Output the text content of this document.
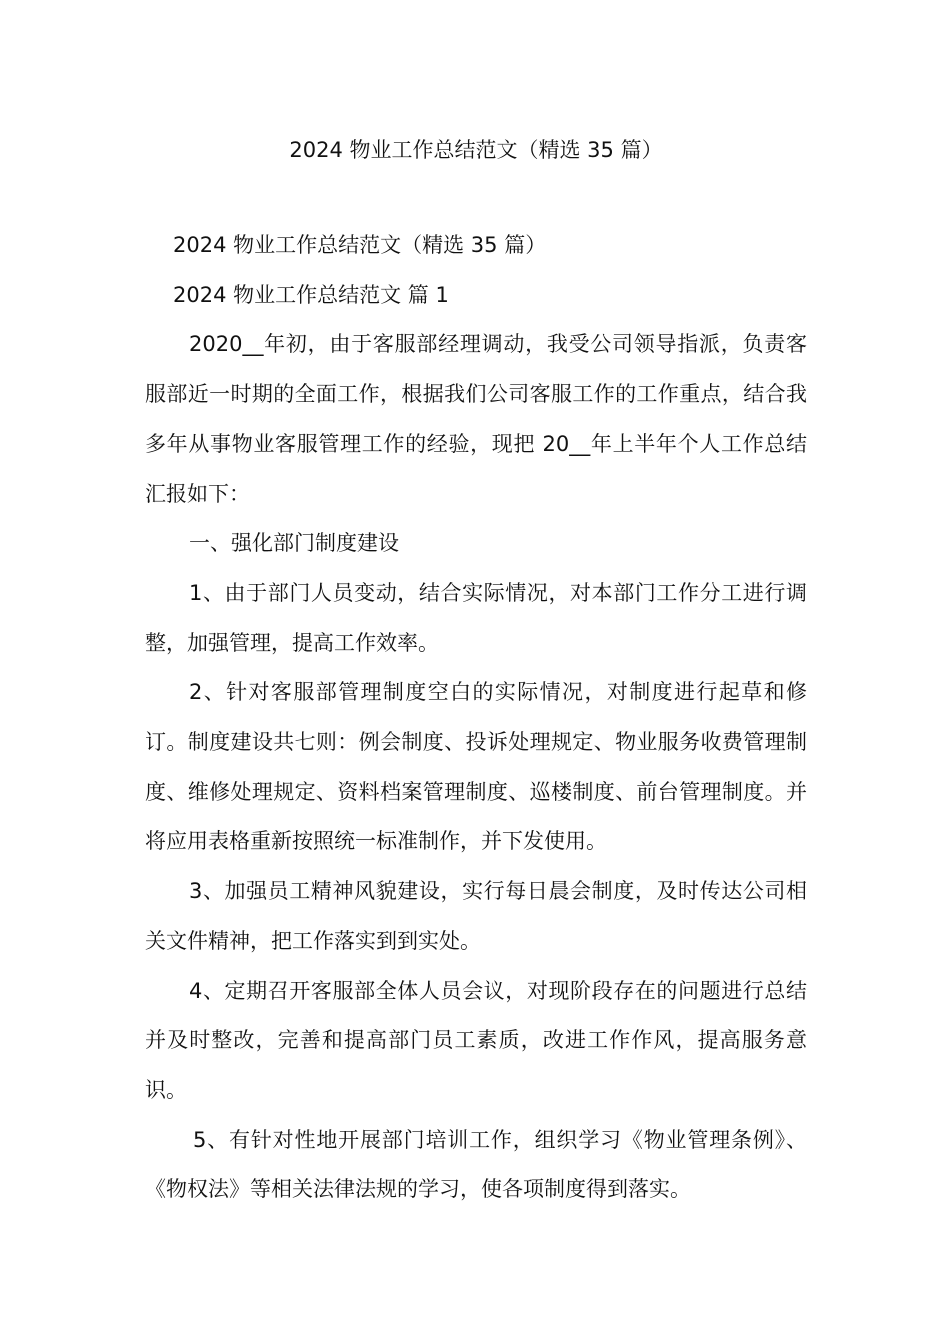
2024 物业工作总结范文（精选 35 篇）

2024 物业工作总结范文（精选 35 篇）

2024 物业工作总结范文 篇 1

2020__年初，由于客服部经理调动，我受公司领导指派，负责客服部近一时期的全面工作，根据我们公司客服工作的工作重点，结合我多年从事物业客服管理工作的经验，现把 20__年上半年个人工作总结汇报如下：

一、强化部门制度建设

1、由于部门人员变动，结合实际情况，对本部门工作分工进行调整，加强管理，提高工作效率。

2、针对客服部管理制度空白的实际情况，对制度进行起草和修订。制度建设共七则：例会制度、投诉处理规定、物业服务收费管理制度、维修处理规定、资料档案管理制度、巡楼制度、前台管理制度。并将应用表格重新按照统一标准制作，并下发使用。

3、加强员工精神风貌建设，实行每日晨会制度，及时传达公司相关文件精神，把工作落实到到实处。

4、定期召开客服部全体人员会议，对现阶段存在的问题进行总结并及时整改，完善和提高部门员工素质，改进工作作风，提高服务意识。

5、有针对性地开展部门培训工作，组织学习《物业管理条例》、《物权法》等相关法律法规的学习，使各项制度得到落实。
